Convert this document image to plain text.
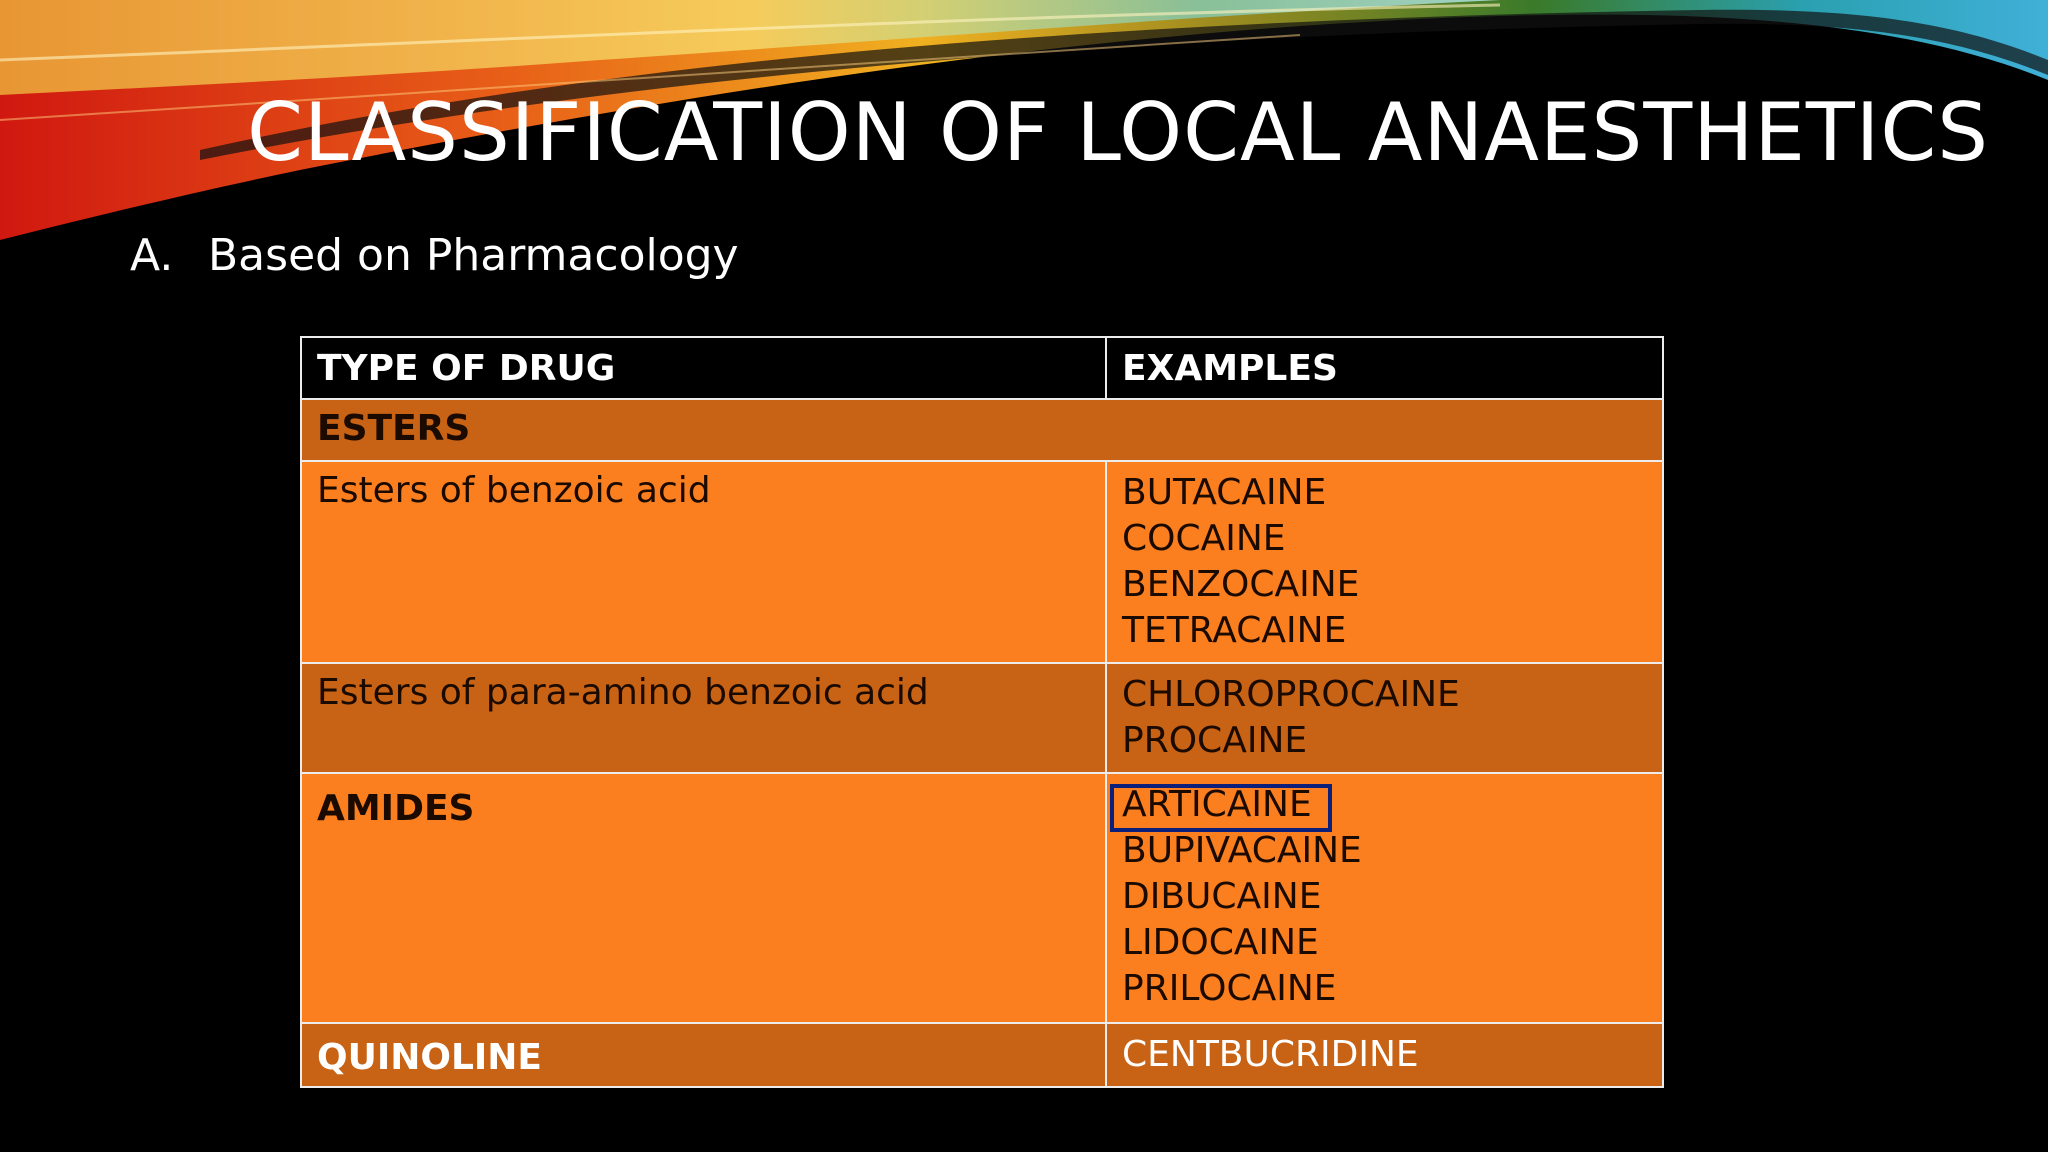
CLASSIFICATION OF LOCAL ANAESTHETICS

A. Based on Pharmacology

TYPE OF DRUG	EXAMPLES
ESTERS	
Esters of benzoic acid	BUTACAINE
COCAINE
BENZOCAINE
TETRACAINE

Esters of para-amino benzoic acid	CHLOROPROCAINE
PROCAINE

AMIDES	ARTICAINE
BUPIVACAINE
DIBUCAINE
LIDOCAINE
PRILOCAINE

QUINOLINE	CENTBUCRIDINE
